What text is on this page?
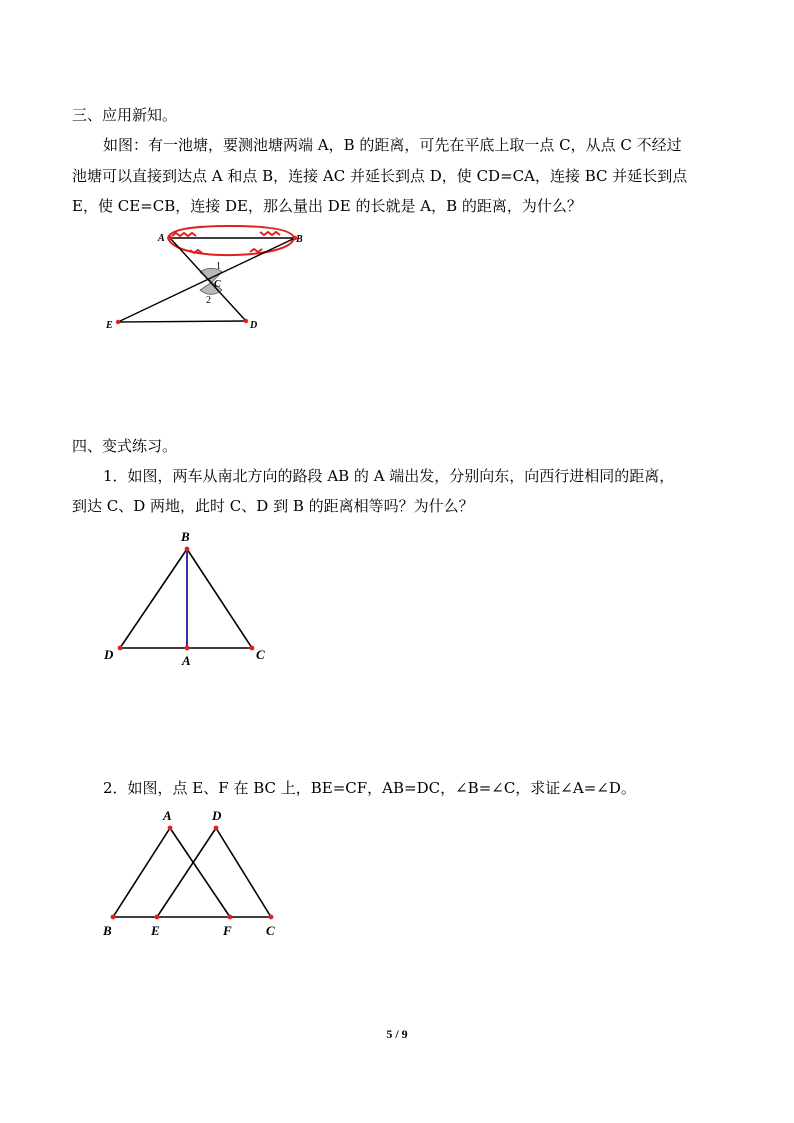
三、应用新知。
如图：有一池塘，要测池塘两端 A，B 的距离，可先在平底上取一点 C，从点 C 不经过
池塘可以直接到达点 A 和点 B，连接 AC 并延长到点 D，使 CD=CA，连接 BC 并延长到点
E，使 CE=CB，连接 DE，那么量出 DE 的长就是 A，B 的距离，为什么？
A	B
C
D
E
1
2
B
D	A	C
A	D
B	E	F	C
四、变式练习。
1．如图，两车从南北方向的路段 AB 的 A 端出发，分别向东，向西行进相同的距离，
到达 C、D 两地，此时 C、D 到 B 的距离相等吗？为什么？
2．如图，点 E、F 在 BC 上，BE=CF，AB=DC，∠B=∠C，求证∠A=∠D。
5 / 9
